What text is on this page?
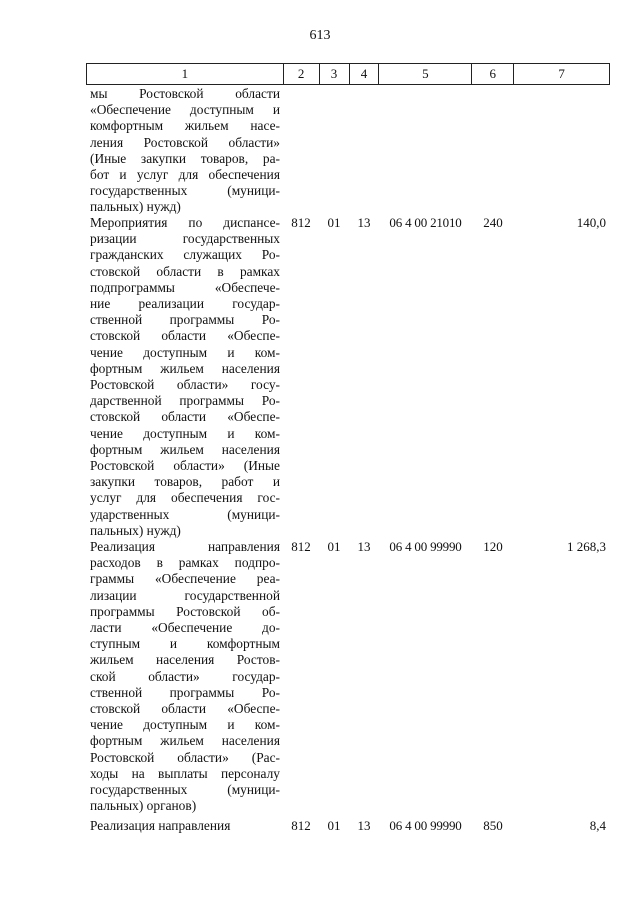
613
1	2	3	4	5	6	7
мы Ростовской области
«Обеспечение доступным и
комфортным жильем насе-
ления Ростовской области»
(Иные закупки товаров, ра-
бот и услуг для обеспечения
государственных (муници-
пальных) нужд)
Мероприятия по диспансе-
ризации государственных
гражданских служащих Ро-
стовской области в рамках
подпрограммы «Обеспече-
ние реализации государ-
ственной программы Ро-
стовской области «Обеспе-
чение доступным и ком-
фортным жильем населения
Ростовской области» госу-
дарственной программы Ро-
стовской области «Обеспе-
чение доступным и ком-
фортным жильем населения
Ростовской области» (Иные
закупки товаров, работ и
услуг для обеспечения гос-
ударственных (муници-
пальных) нужд)
812	01	13	06 4 00 21010	240	140,0
Реализация направления
расходов в рамках подпро-
граммы «Обеспечение реа-
лизации государственной
программы Ростовской об-
ласти «Обеспечение до-
ступным и комфортным
жильем населения Ростов-
ской области» государ-
ственной программы Ро-
стовской области «Обеспе-
чение доступным и ком-
фортным жильем населения
Ростовской области» (Рас-
ходы на выплаты персоналу
государственных (муници-
пальных) органов)
812	01	13	06 4 00 99990	120	1 268,3
Реализация направления	812	01	13	06 4 00 99990	850	8,4
